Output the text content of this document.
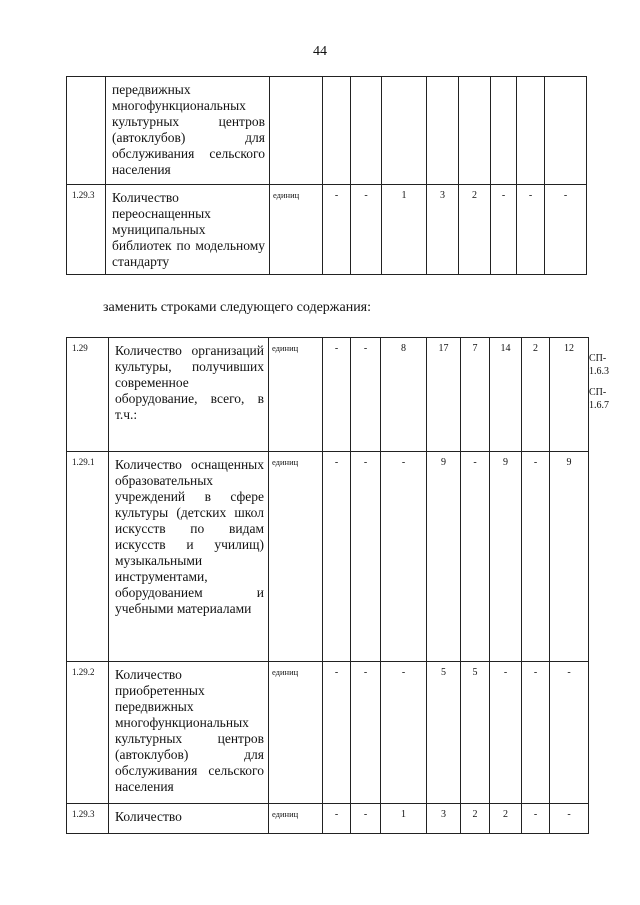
44
	передвижных многофункциональных культурных центров (автоклубов) для обслуживания сельского населения									
1.29.3	Количество переоснащенных муниципальных библиотек по модельному стандарту	единиц	-	-	1	3	2	-	-	-
заменить строками следующего содержания:
1.29	Количество организаций культуры, получивших современное оборудование, всего, в т.ч.:	единиц	-	-	8	17	7	14	2	12	СП-
1.6.3
СП-
1.6.7

1.29.1	Количество оснащенных образовательных учреждений в сфере культуры (детских школ искусств по видам искусств и училищ) музыкальными инструментами, оборудованием и учебными материалами	единиц	-	-	-	9	-	9	-	9	
1.29.2	Количество приобретенных передвижных многофункциональных культурных центров (автоклубов) для обслуживания сельского населения	единиц	-	-	-	5	5	-	-	-	
1.29.3	Количество	единиц	-	-	1	3	2	2	-	-	
